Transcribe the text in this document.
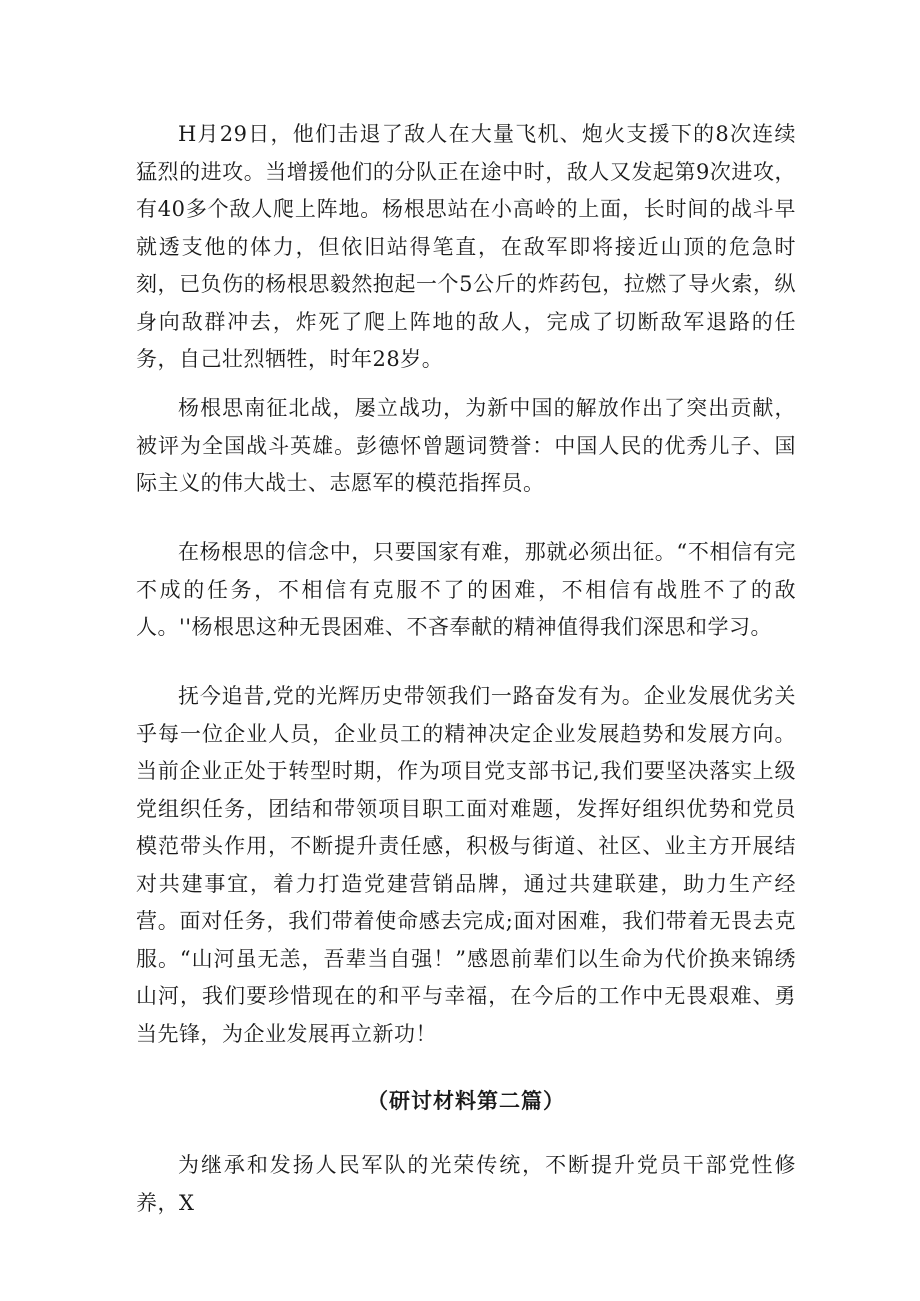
H月29日，他们击退了敌人在大量飞机、炮火支援下的8次连续猛烈的进攻。当增援他们的分队正在途中时，敌人又发起第9次进攻，有40多个敌人爬上阵地。杨根思站在小高岭的上面，长时间的战斗早就透支他的体力，但依旧站得笔直，在敌军即将接近山顶的危急时刻，已负伤的杨根思毅然抱起一个5公斤的炸药包，拉燃了导火索，纵身向敌群冲去，炸死了爬上阵地的敌人，完成了切断敌军退路的任务，自己壮烈牺牲，时年28岁。

杨根思南征北战，屡立战功，为新中国的解放作出了突出贡献，被评为全国战斗英雄。彭德怀曾题词赞誉：中国人民的优秀儿子、国际主义的伟大战士、志愿军的模范指挥员。

在杨根思的信念中，只要国家有难，那就必须出征。“不相信有完不成的任务，不相信有克服不了的困难，不相信有战胜不了的敌人。''杨根思这种无畏困难、不吝奉献的精神值得我们深思和学习。

抚今追昔,党的光辉历史带领我们一路奋发有为。企业发展优劣关乎每一位企业人员，企业员工的精神决定企业发展趋势和发展方向。当前企业正处于转型时期，作为项目党支部书记,我们要坚决落实上级党组织任务，团结和带领项目职工面对难题，发挥好组织优势和党员模范带头作用，不断提升责任感，积极与街道、社区、业主方开展结对共建事宜，着力打造党建营销品牌，通过共建联建，助力生产经营。面对任务，我们带着使命感去完成;面对困难，我们带着无畏去克服。“山河虽无恙，吾辈当自强！”感恩前辈们以生命为代价换来锦绣山河，我们要珍惜现在的和平与幸福，在今后的工作中无畏艰难、勇当先锋，为企业发展再立新功！

（研讨材料第二篇）

为继承和发扬人民军队的光荣传统，不断提升党员干部党性修养，X
